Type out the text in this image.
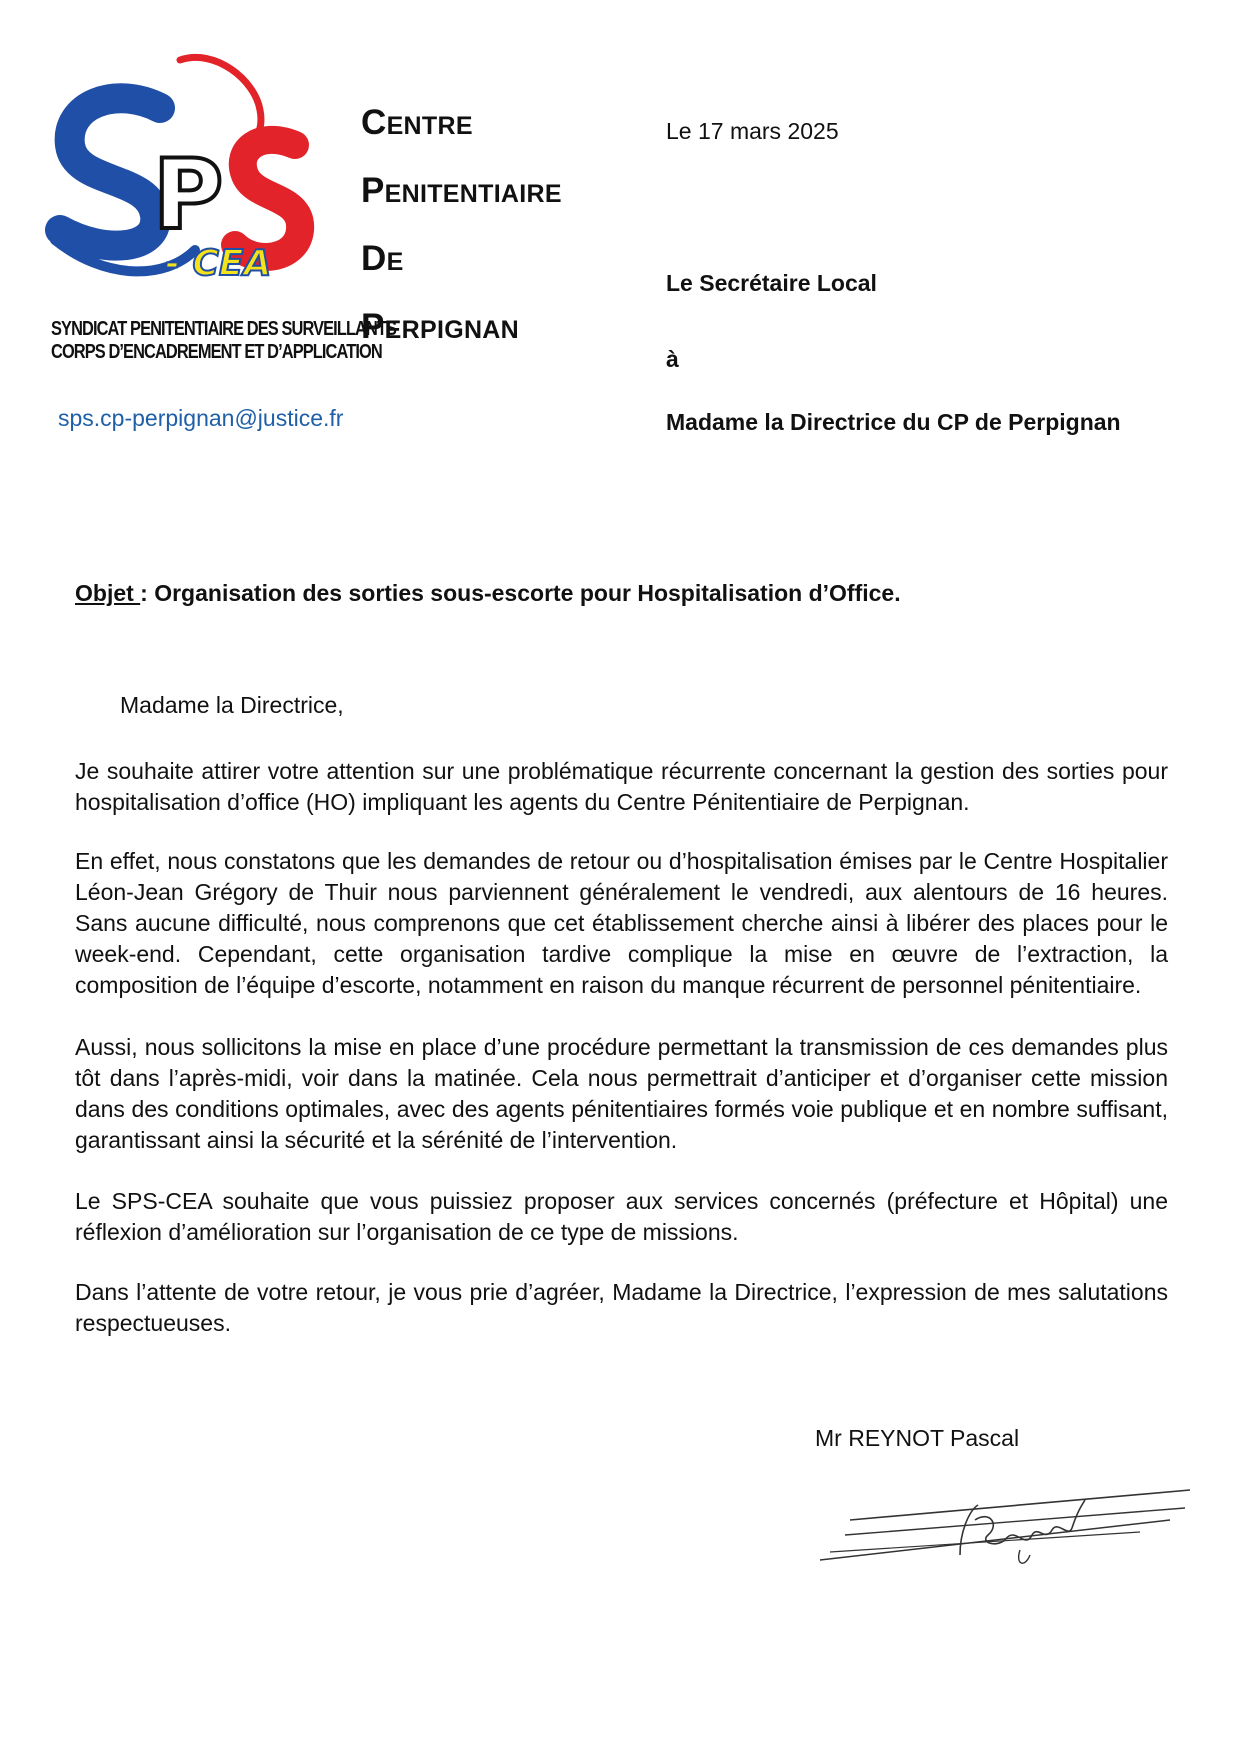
P
- CEA
SYNDICAT PENITENTIAIRE DES SURVEILLANTS
CORPS D’ENCADREMENT ET D’APPLICATION
sps.cp-perpignan@justice.fr
Centre
Penitentiaire
De
Perpignan
Le 17 mars 2025
Le Secrétaire Local
à
Madame la Directrice du CP de Perpignan
Objet : Organisation des sorties sous-escorte pour Hospitalisation d’Office.
Madame la Directrice,
Je souhaite attirer votre attention sur une problématique récurrente concernant la gestion des sorties pour hospitalisation d’office (HO) impliquant les agents du Centre Pénitentiaire de Perpignan.
En effet, nous constatons que les demandes de retour ou d’hospitalisation émises par le Centre Hospitalier Léon-Jean Grégory de Thuir nous parviennent généralement le vendredi, aux alentours de 16 heures. Sans aucune difficulté, nous comprenons que cet établissement cherche ainsi à libérer des places pour le week-end. Cependant, cette organisation tardive complique la mise en œuvre de l’extraction, la composition de l’équipe d’escorte, notamment en raison du manque récurrent de personnel pénitentiaire.
Aussi, nous sollicitons la mise en place d’une procédure permettant la transmission de ces demandes plus tôt dans l’après-midi, voir dans la matinée. Cela nous permettrait d’anticiper et d’organiser cette mission dans des conditions optimales, avec des agents pénitentiaires formés voie publique et en nombre suffisant, garantissant ainsi la sécurité et la sérénité de l’intervention.
Le SPS-CEA souhaite que vous puissiez proposer aux services concernés (préfecture et Hôpital) une réflexion d’amélioration sur l’organisation de ce type de missions.
Dans l’attente de votre retour, je vous prie d’agréer, Madame la Directrice, l’expression de mes salutations respectueuses.
Mr REYNOT Pascal
